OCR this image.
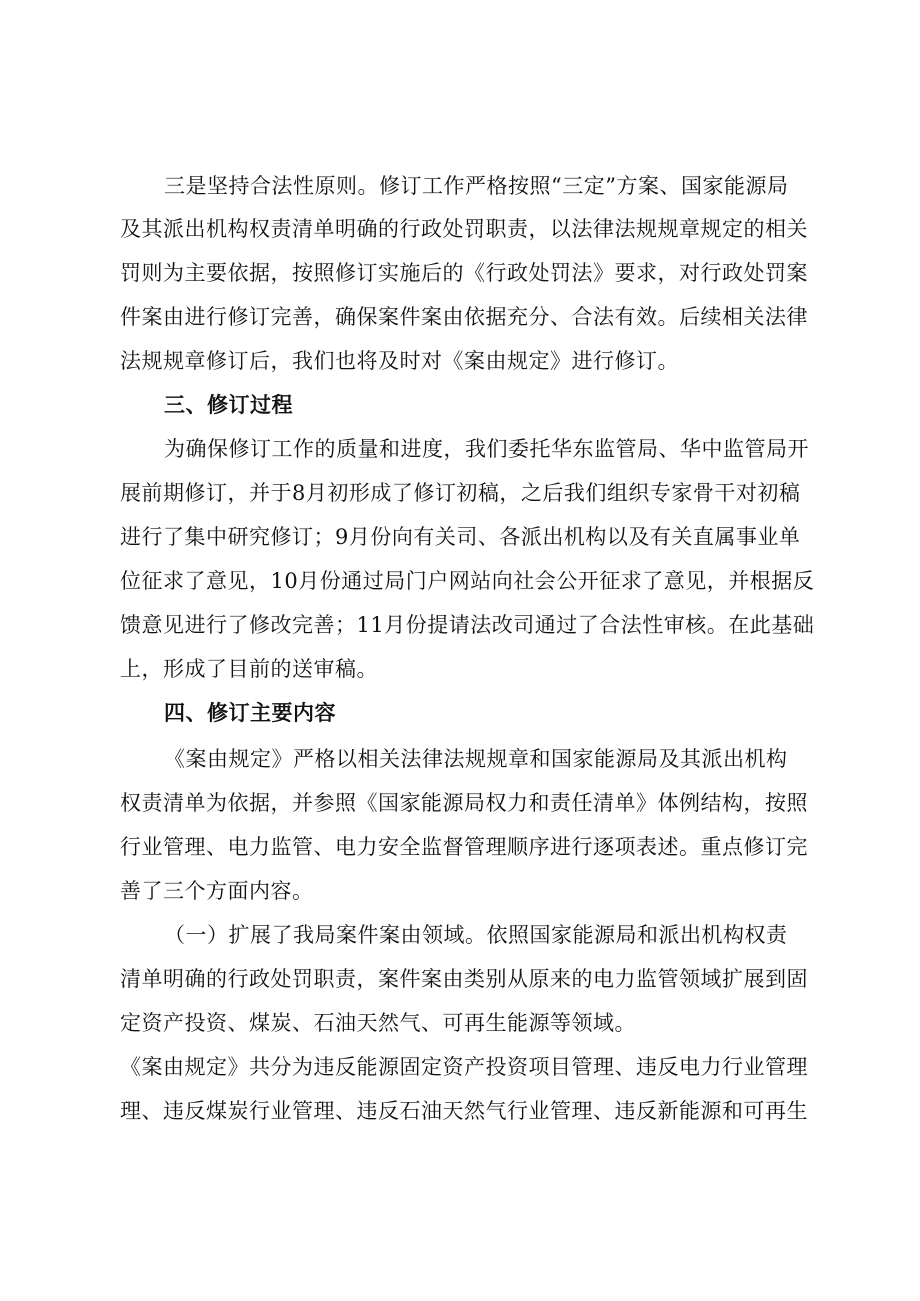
三是坚持合法性原则。修订工作严格按照“三定”方案、国家能源局
及其派出机构权责清单明确的行政处罚职责，以法律法规规章规定的相关
罚则为主要依据，按照修订实施后的《行政处罚法》要求，对行政处罚案
件案由进行修订完善，确保案件案由依据充分、合法有效。后续相关法律
法规规章修订后，我们也将及时对《案由规定》进行修订。
三、修订过程
为确保修订工作的质量和进度，我们委托华东监管局、华中监管局开
展前期修订，并于8月初形成了修订初稿，之后我们组织专家骨干对初稿
进行了集中研究修订；9月份向有关司、各派出机构以及有关直属事业单
位征求了意见，10月份通过局门户网站向社会公开征求了意见，并根据反
馈意见进行了修改完善；11月份提请法改司通过了合法性审核。在此基础
上，形成了目前的送审稿。
四、修订主要内容
《案由规定》严格以相关法律法规规章和国家能源局及其派出机构
权责清单为依据，并参照《国家能源局权力和责任清单》体例结构，按照
行业管理、电力监管、电力安全监督管理顺序进行逐项表述。重点修订完
善了三个方面内容。
（一）扩展了我局案件案由领域。依照国家能源局和派出机构权责
清单明确的行政处罚职责，案件案由类别从原来的电力监管领域扩展到固
定资产投资、煤炭、石油天然气、可再生能源等领域。
《案由规定》共分为违反能源固定资产投资项目管理、违反电力行业管理
理、违反煤炭行业管理、违反石油天然气行业管理、违反新能源和可再生
